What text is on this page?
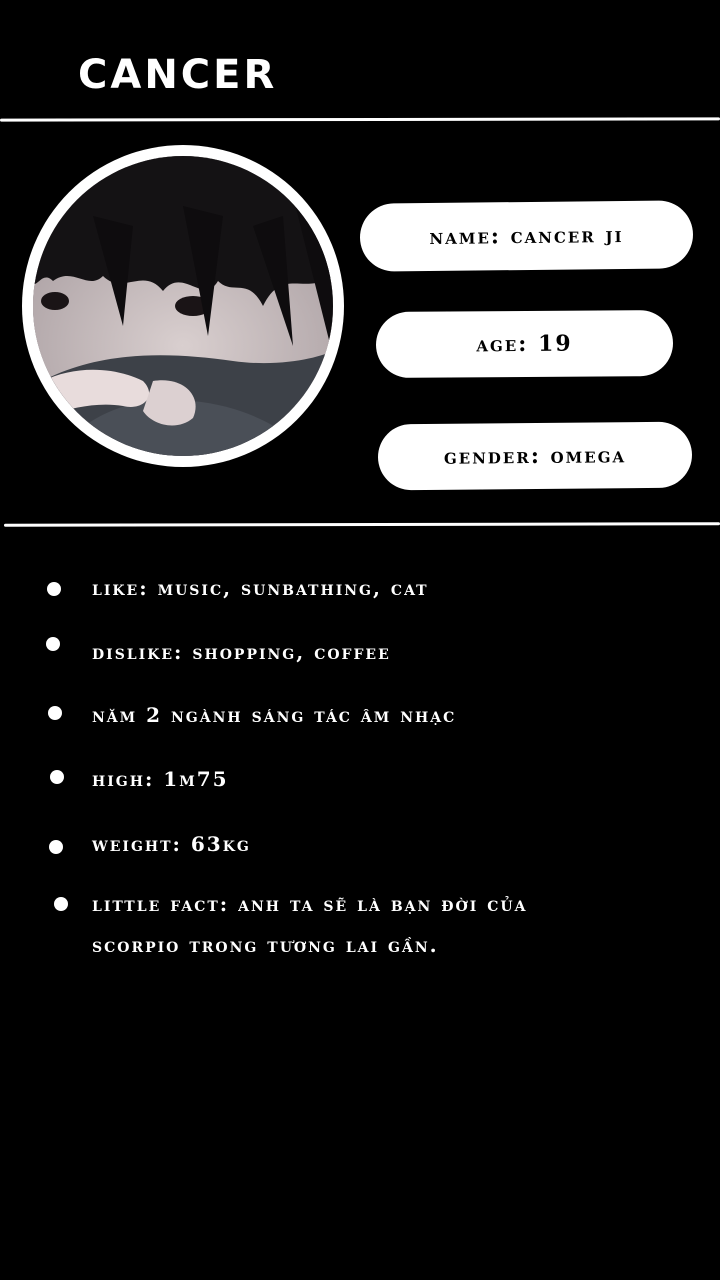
CANCER
name: cancer ji
age: 19
gender: omega
like: music, sunbathing, cat
dislike: shopping, coffee
năm 2 ngành sáng tác âm nhạc
high: 1m75
weight: 63kg
little fact: anh ta sẽ là bạn đời của
scorpio trong tương lai gần.
